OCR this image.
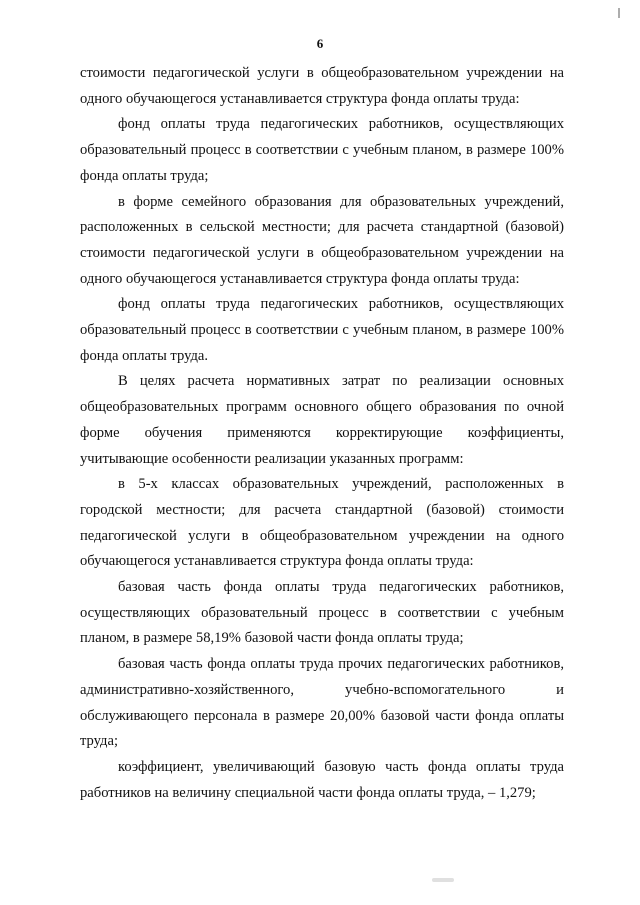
6

стоимости педагогической услуги в общеобразовательном учреждении на одного обучающегося устанавливается структура фонда оплаты труда:

фонд оплаты труда педагогических работников, осуществляющих образовательный процесс в соответствии с учебным планом, в размере 100% фонда оплаты труда;

в форме семейного образования для образовательных учреждений, расположенных в сельской местности; для расчета стандартной (базовой) стоимости педагогической услуги в общеобразовательном учреждении на одного обучающегося устанавливается структура фонда оплаты труда:

фонд оплаты труда педагогических работников, осуществляющих образовательный процесс в соответствии с учебным планом, в размере 100% фонда оплаты труда.

В целях расчета нормативных затрат по реализации основных общеобразовательных программ основного общего образования по очной форме обучения применяются корректирующие коэффициенты, учитывающие особенности реализации указанных программ:

в 5-х классах образовательных учреждений, расположенных в городской местности; для расчета стандартной (базовой) стоимости педагогической услуги в общеобразовательном учреждении на одного обучающегося устанавливается структура фонда оплаты труда:

базовая часть фонда оплаты труда педагогических работников, осуществляющих образовательный процесс в соответствии с учебным планом, в размере 58,19% базовой части фонда оплаты труда;

базовая часть фонда оплаты труда прочих педагогических работников, административно-хозяйственного, учебно-вспомогательного и обслуживающего персонала в размере 20,00% базовой части фонда оплаты труда;

коэффициент, увеличивающий базовую часть фонда оплаты труда работников на величину специальной части фонда оплаты труда, – 1,279;
